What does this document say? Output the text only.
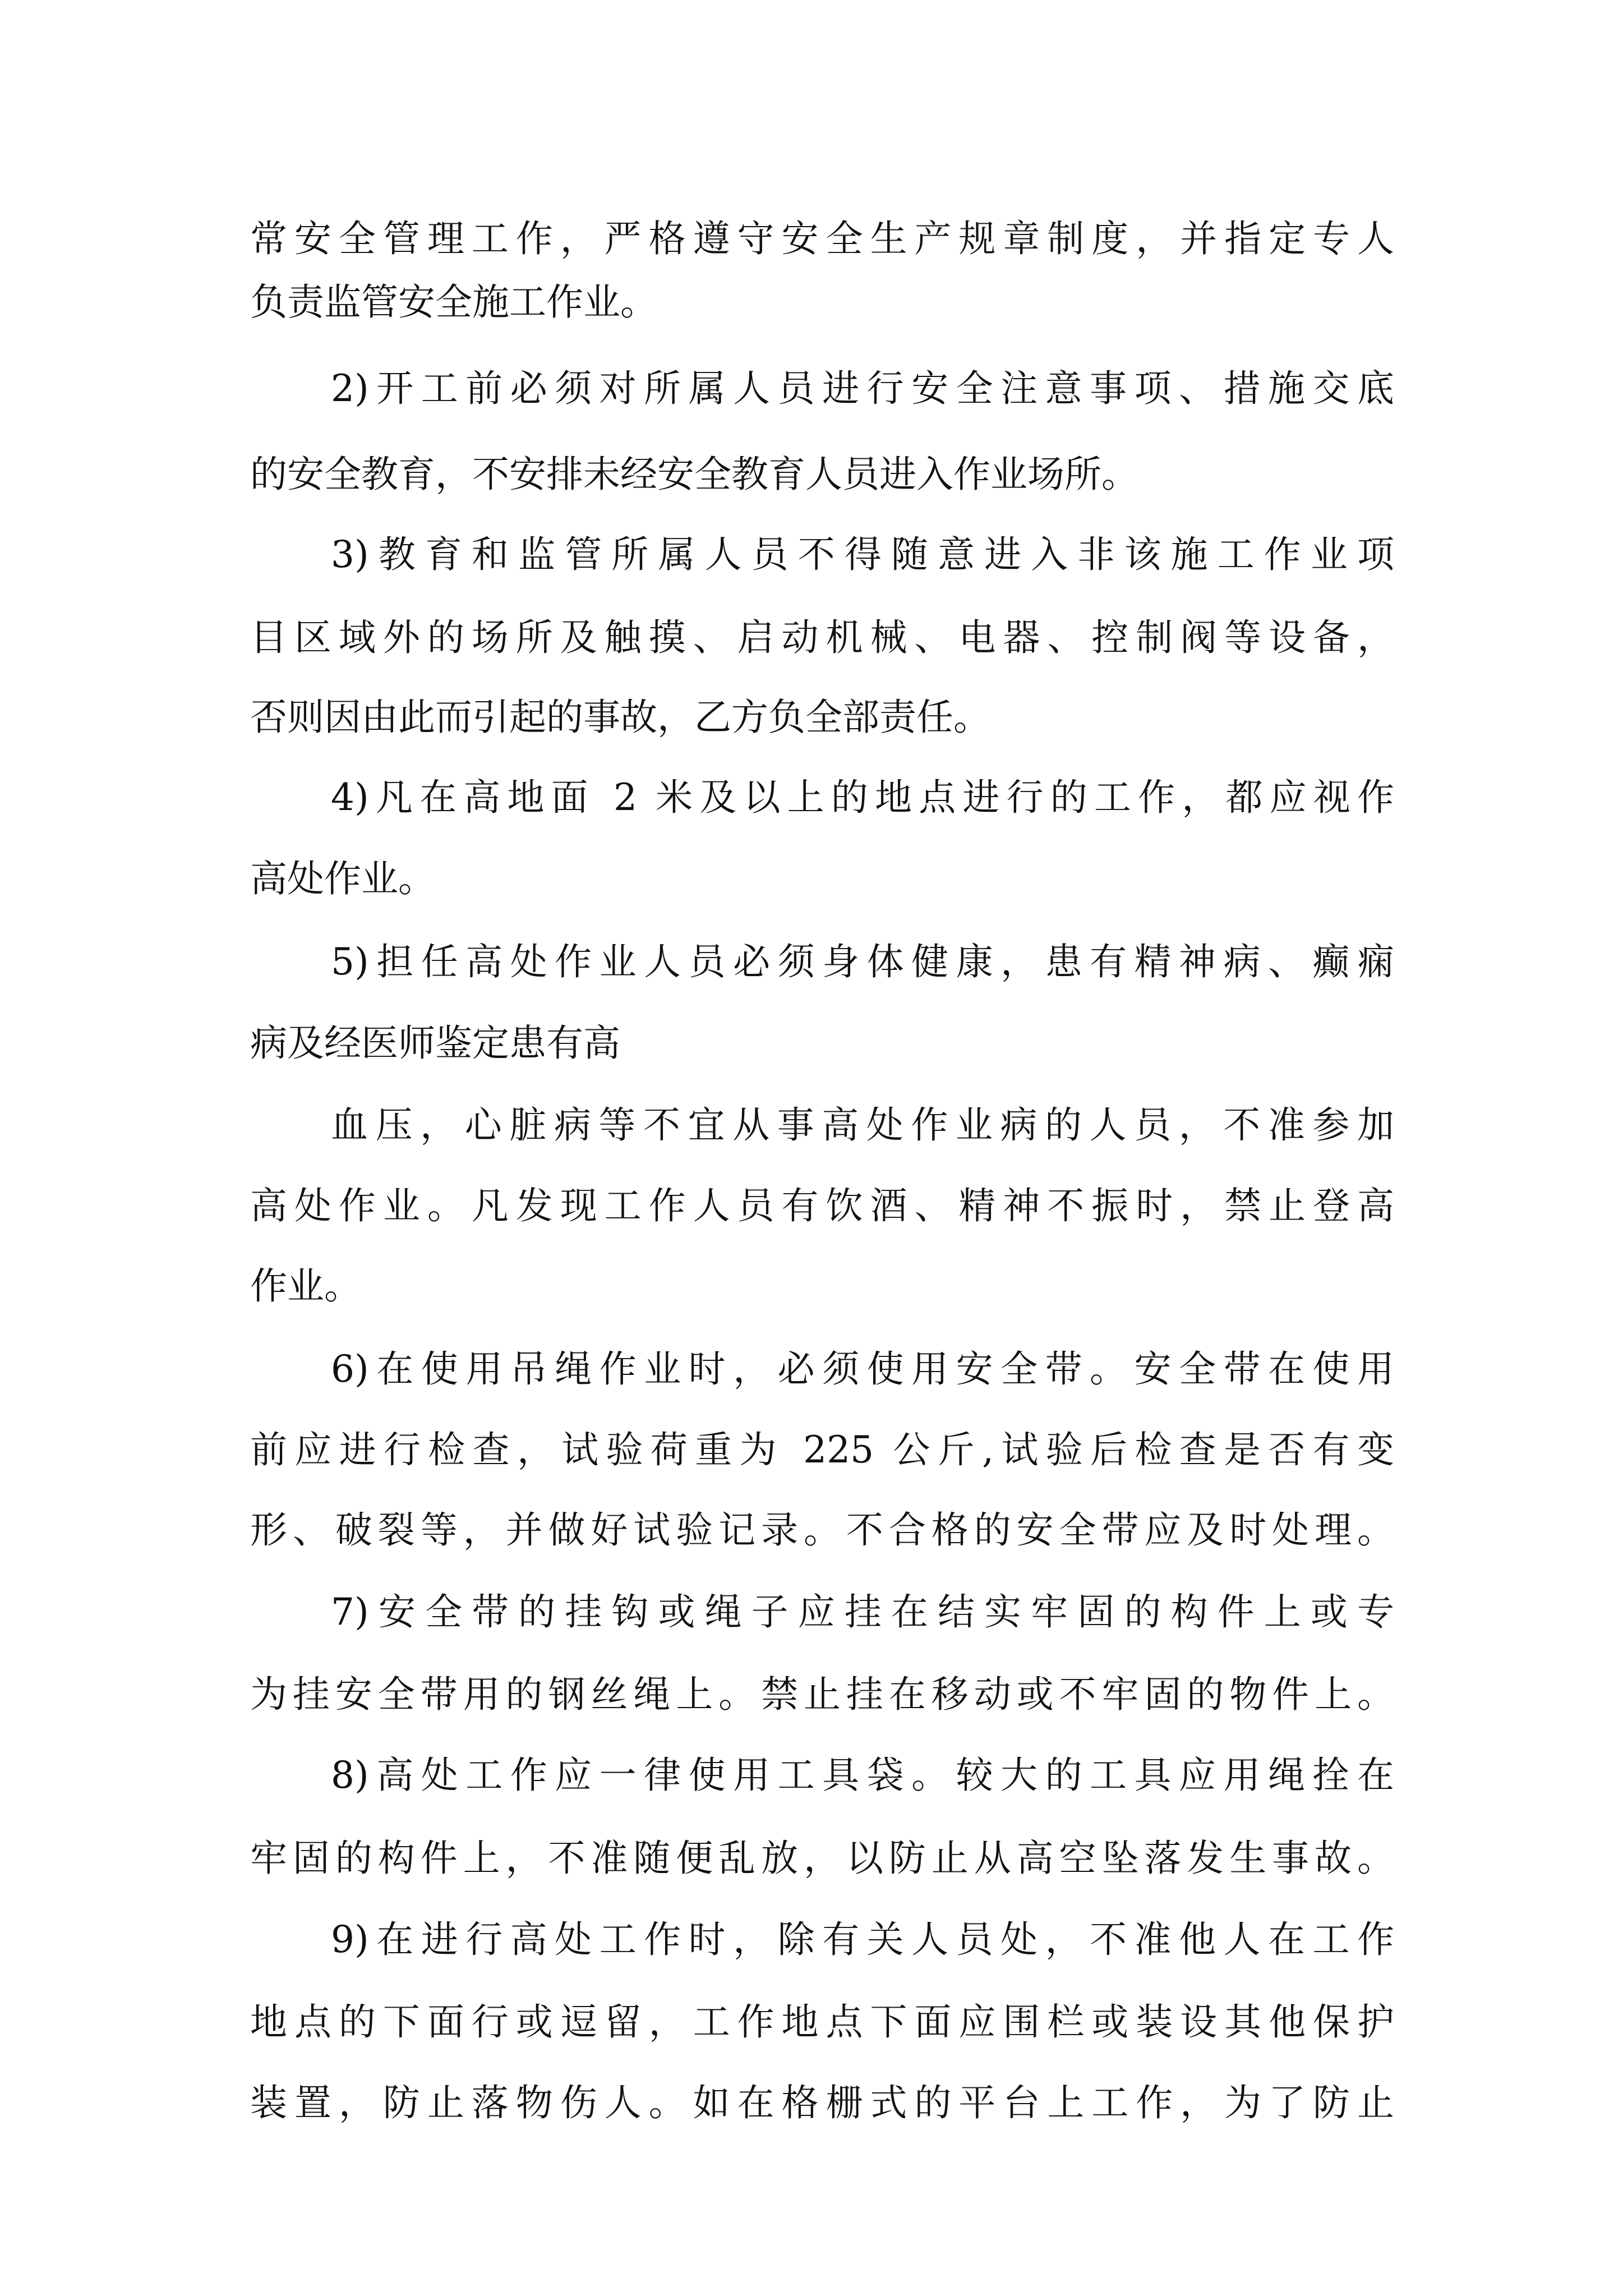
常安全管理工作，严格遵守安全生产规章制度，并指定专人
负责监管安全施工作业。
2)开工前必须对所属人员进行安全注意事项、措施交底
的安全教育，不安排未经安全教育人员进入作业场所。
3)教育和监管所属人员不得随意进入非该施工作业项
目区域外的场所及触摸、启动机械、电器、控制阀等设备，
否则因由此而引起的事故，乙方负全部责任。
4)凡在高地面 2 米及以上的地点进行的工作，都应视作
高处作业。
5)担任高处作业人员必须身体健康，患有精神病、癫痫
病及经医师鉴定患有高
血压，心脏病等不宜从事高处作业病的人员，不准参加
高处作业。凡发现工作人员有饮酒、精神不振时，禁止登高
作业。
6)在使用吊绳作业时，必须使用安全带。安全带在使用
前应进行检查，试验荷重为 225 公斤,试验后检查是否有变
形、破裂等，并做好试验记录。不合格的安全带应及时处理。
7)安全带的挂钩或绳子应挂在结实牢固的构件上或专
为挂安全带用的钢丝绳上。禁止挂在移动或不牢固的物件上。
8)高处工作应一律使用工具袋。较大的工具应用绳拴在
牢固的构件上，不准随便乱放，以防止从高空坠落发生事故。
9)在进行高处工作时，除有关人员处，不准他人在工作
地点的下面行或逗留，工作地点下面应围栏或装设其他保护
装置，防止落物伤人。如在格栅式的平台上工作，为了防止
